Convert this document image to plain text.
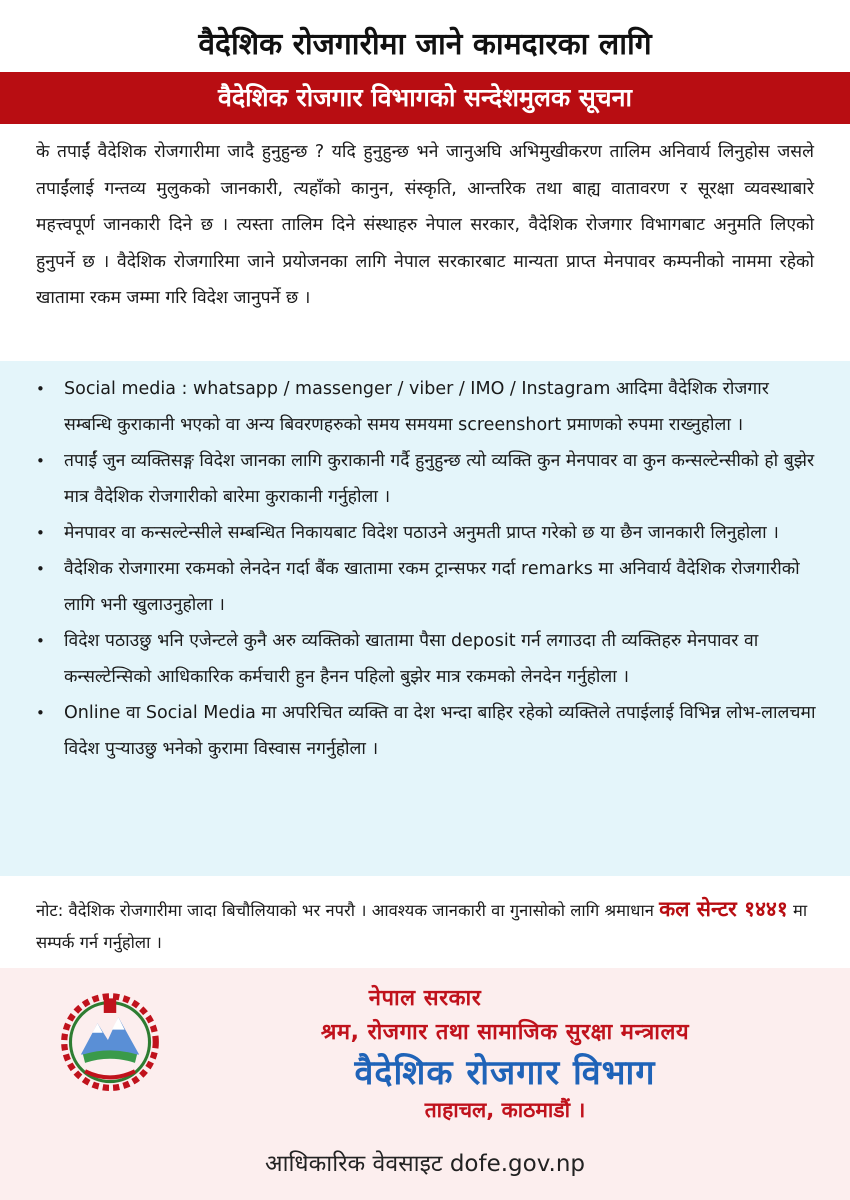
वैदेशिक रोजगारीमा जाने कामदारका लागि
वैदेशिक रोजगार विभागको सन्देशमुलक सूचना

के तपाईं वैदेशिक रोजगारीमा जादै हुनुहुन्छ ? यदि हुनुहुन्छ भने जानुअघि अभिमुखीकरण तालिम अनिवार्य लिनुहोस जसले तपाईंलाई गन्तव्य मुलुकको जानकारी, त्यहाँको कानुन, संस्कृति, आन्तरिक तथा बाह्य वातावरण र सूरक्षा व्यवस्थाबारे महत्त्वपूर्ण जानकारी दिने छ । त्यस्ता तालिम दिने संस्थाहरु नेपाल सरकार, वैदेशिक रोजगार विभागबाट अनुमति लिएको हुनुपर्ने छ । वैदेशिक रोजगारिमा जाने प्रयोजनका लागि नेपाल सरकारबाट मान्यता प्राप्त मेनपावर कम्पनीको नाममा रहेको खातामा रकम जम्मा गरि विदेश जानुपर्ने छ ।

• Social media : whatsapp / massenger / viber / IMO / Instagram आदिमा वैदेशिक रोजगार सम्बन्धि कुराकानी भएको वा अन्य बिवरणहरुको समय समयमा screenshort प्रमाणको रुपमा राख्नुहोला ।
• तपाईं जुन व्यक्तिसङ्ग विदेश जानका लागि कुराकानी गर्दै हुनुहुन्छ त्यो व्यक्ति कुन मेनपावर वा कुन कन्सल्टेन्सीको हो बुझेर मात्र वैदेशिक रोजगारीको बारेमा कुराकानी गर्नुहोला ।
• मेनपावर वा कन्सल्टेन्सीले सम्बन्धित निकायबाट विदेश पठाउने अनुमती प्राप्त गरेको छ या छैन जानकारी लिनुहोला ।
• वैदेशिक रोजगारमा रकमको लेनदेन गर्दा बैंक खातामा रकम ट्रान्सफर गर्दा remarks मा अनिवार्य वैदेशिक रोजगारीको लागि भनी खुलाउनुहोला ।
• विदेश पठाउछु भनि एजेन्टले कुनै अरु व्यक्तिको खातामा पैसा deposit गर्न लगाउदा ती व्यक्तिहरु मेनपावर वा कन्सल्टेन्सिको आधिकारिक कर्मचारी हुन हैनन पहिलो बुझेर मात्र रकमको लेनदेन गर्नुहोला ।
• Online वा Social Media मा अपरिचित व्यक्ति वा देश भन्दा बाहिर रहेको व्यक्तिले तपाईलाई विभिन्न लोभ-लालचमा विदेश पुऱ्याउछु भनेको कुरामा विस्वास नगर्नुहोला ।
नोट: वैदेशिक रोजगारीमा जादा बिचौलियाको भर नपरौ । आवश्यक जानकारी वा गुनासोको लागि श्रमाधान कल सेन्टर १४४१ मा सम्पर्क गर्न गर्नुहोला ।
नेपाल सरकार
श्रम, रोजगार तथा सामाजिक सुरक्षा मन्त्रालय
वैदेशिक रोजगार विभाग
ताहाचल, काठमाडौं ।
आधिकारिक वेवसाइट dofe.gov.np
